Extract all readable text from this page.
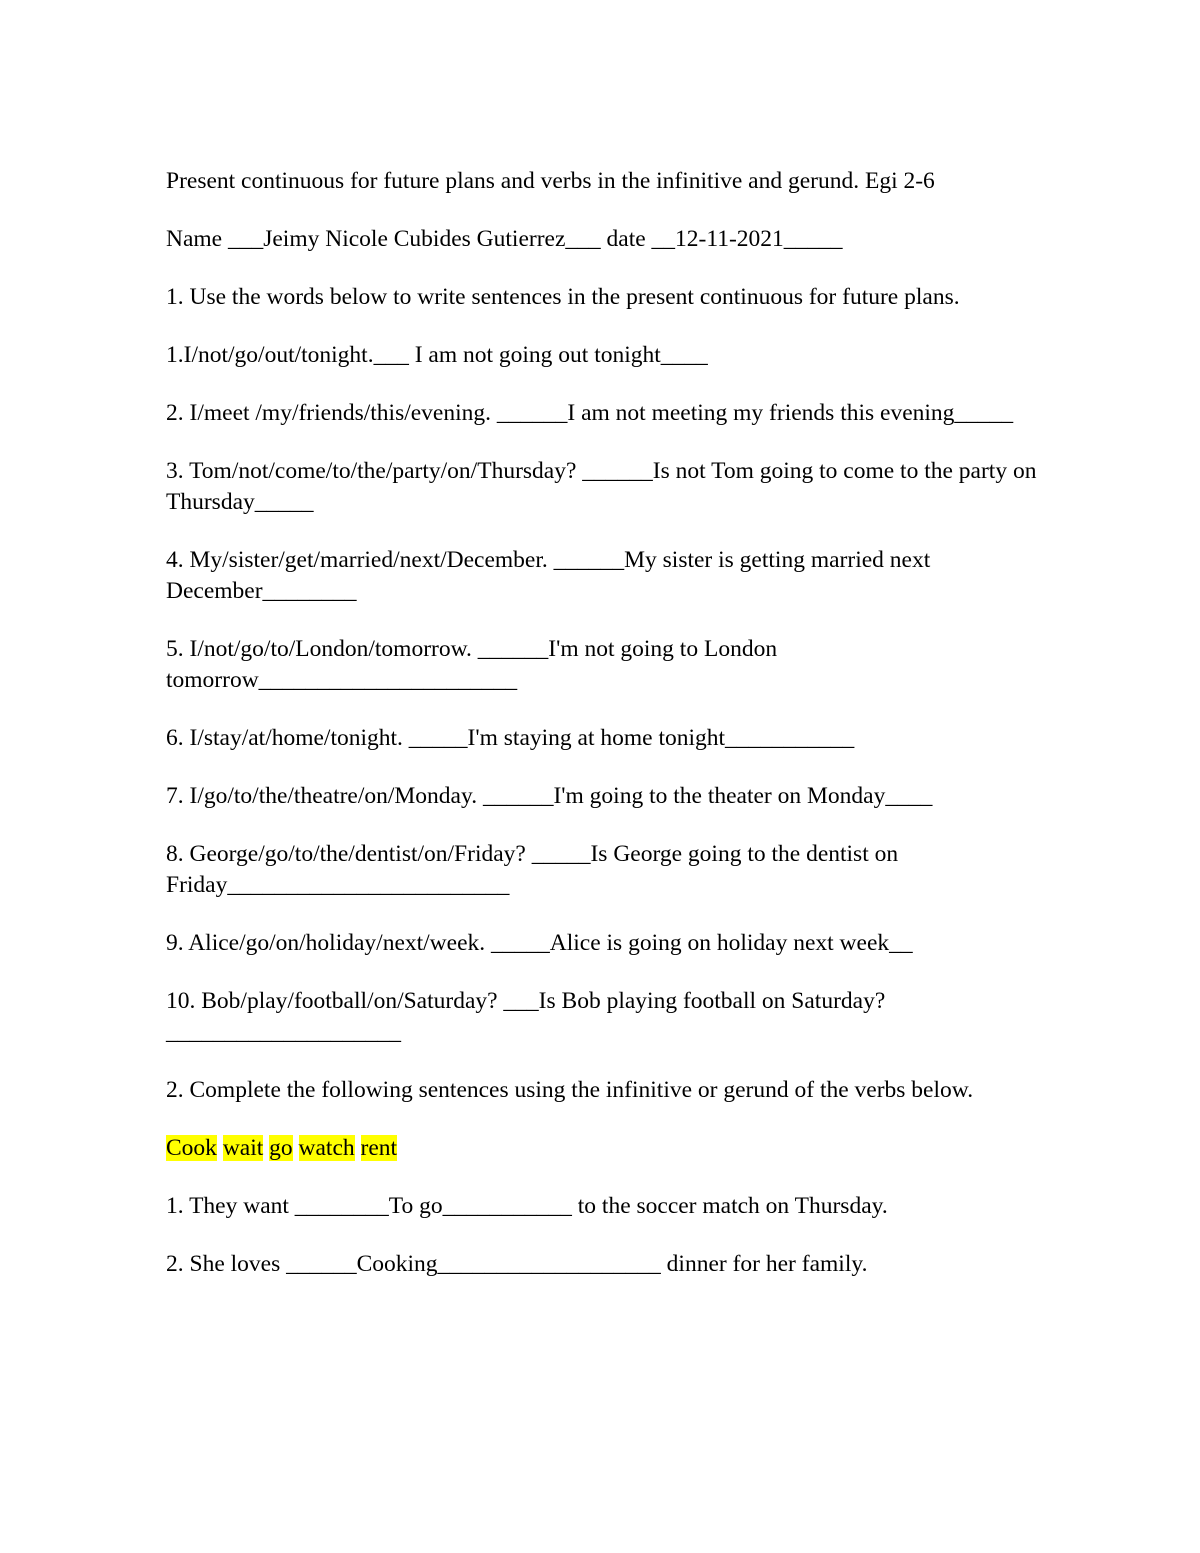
Present continuous for future plans and verbs in the infinitive and gerund. Egi 2-6

Name ___Jeimy Nicole Cubides Gutierrez___ date __12-11-2021_____

1. Use the words below to write sentences in the present continuous for future plans.

1.I/not/go/out/tonight.___ I am not going out tonight____

2. I/meet /my/friends/this/evening. ______I am not meeting my friends this evening_____

3. Tom/not/come/to/the/party/on/Thursday? ______Is not Tom going to come to the party on Thursday_____

4. My/sister/get/married/next/December. ______My sister is getting married next December________

5. I/not/go/to/London/tomorrow. ______I'm not going to London tomorrow______________________

6. I/stay/at/home/tonight. _____I'm staying at home tonight___________

7. I/go/to/the/theatre/on/Monday. ______I'm going to the theater on Monday____

8. George/go/to/the/dentist/on/Friday? _____Is George going to the dentist on Friday________________________

9. Alice/go/on/holiday/next/week. _____Alice is going on holiday next week__

10. Bob/play/football/on/Saturday? ___Is Bob playing football on Saturday? ____________________

2. Complete the following sentences using the infinitive or gerund of the verbs below.

Cook wait go watch rent

1. They want ________To go___________ to the soccer match on Thursday.

2. She loves ______Cooking___________________ dinner for her family.
